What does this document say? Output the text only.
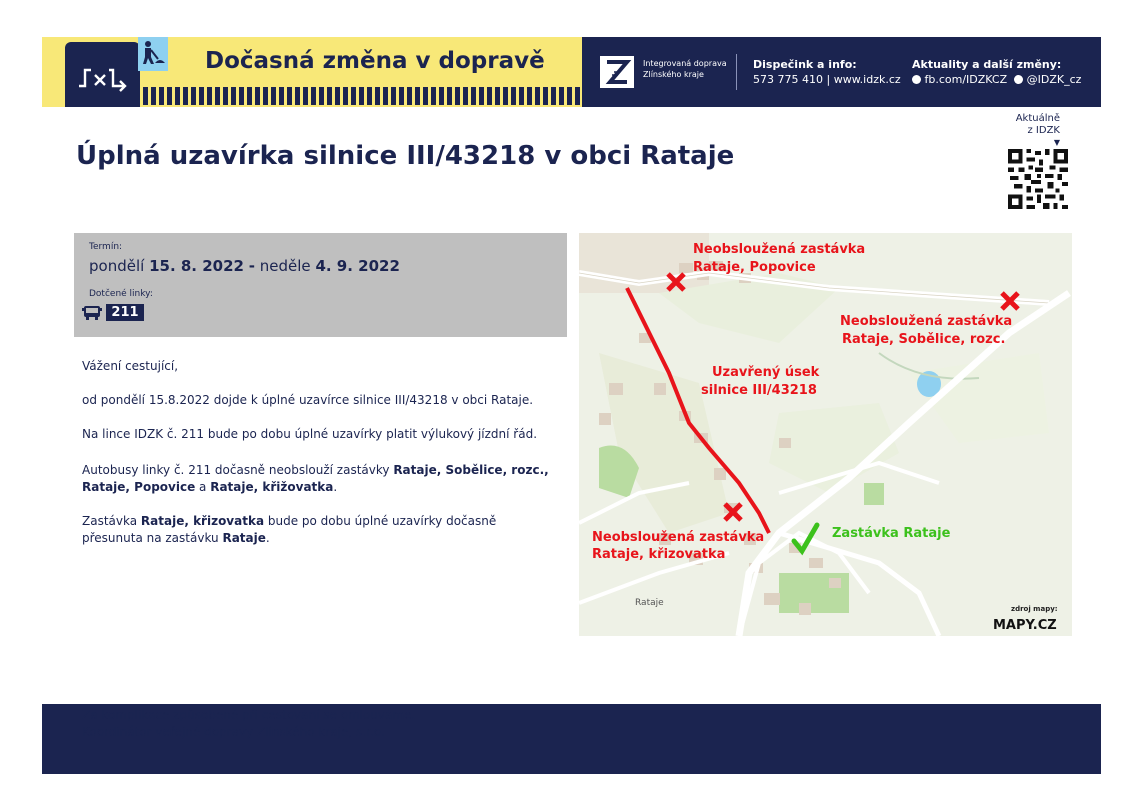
Dočasná změna v dopravě	Integrovaná doprava
Zlínského kraje
Dispečink a info:
573 775 410 | www.idzk.cz
Aktuality a další změny:
fb.com/IDZKCZ @IDZK_cz
Úplná uzavírka silnice III/43218 v obci Rataje
Aktuálně
z IDZK
▼
Termín:
pondělí 15. 8. 2022 - neděle 4. 9. 2022
Dotčené linky:
211
Vážení cestující,
od pondělí 15.8.2022 dojde k úplné uzavírce silnice III/43218 v obci Rataje.
Na lince IDZK č. 211 bude po dobu úplné uzavírky platit výlukový jízdní řád.
Autobusy linky č. 211 dočasně neobslouží zastávky Rataje, Sobělice, rozc.,
Rataje, Popovice a Rataje, křižovatka.
Zastávka Rataje, křizovatka bude po dobu úplné uzavírky dočasně
přesunuta na zastávku Rataje.
Neobsloužená zastávka
Rataje, Popovice
Neobsloužená zastávka
Rataje, Sobělice, rozc.
Uzavřený úsek
silnice III/43218
Neobsloužená zastávka
Rataje, křizovatka
Zastávka Rataje
Rataje
zdroj mapy:
MAPY.CZ
Za komplikace způsobené při cestování se omlouváme.
Koordinátor veřejné dopravy Zlínského kraje, s.r.o.
